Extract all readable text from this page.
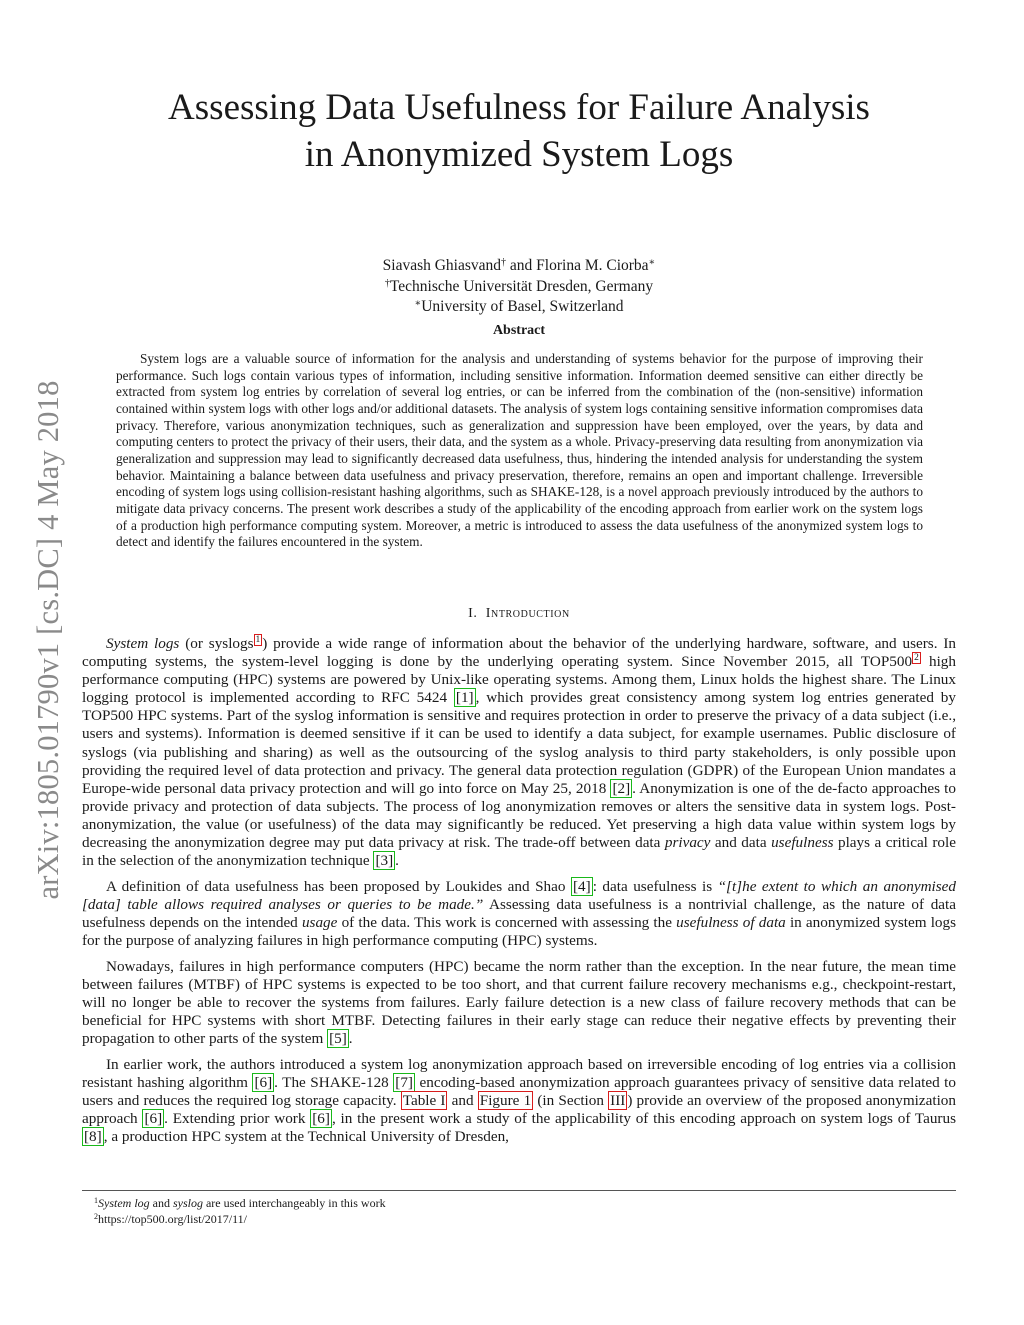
arXiv:1805.01790v1 [cs.DC] 4 May 2018
Assessing Data Usefulness for Failure Analysis
in Anonymized System Logs
Siavash Ghiasvand† and Florina M. Ciorba∗
†Technische Universität Dresden, Germany
∗University of Basel, Switzerland
Abstract

System logs are a valuable source of information for the analysis and understanding of systems behavior for the purpose of improving their performance. Such logs contain various types of information, including sensitive information. Information deemed sensitive can either directly be extracted from system log entries by correlation of several log entries, or can be inferred from the combination of the (non-sensitive) information contained within system logs with other logs and/or additional datasets. The analysis of system logs containing sensitive information compromises data privacy. Therefore, various anonymization techniques, such as generalization and suppression have been employed, over the years, by data and computing centers to protect the privacy of their users, their data, and the system as a whole. Privacy-preserving data resulting from anonymization via generalization and suppression may lead to significantly decreased data usefulness, thus, hindering the intended analysis for understanding the system behavior. Maintaining a balance between data usefulness and privacy preservation, therefore, remains an open and important challenge. Irreversible encoding of system logs using collision-resistant hashing algorithms, such as SHAKE-128, is a novel approach previously introduced by the authors to mitigate data privacy concerns. The present work describes a study of the applicability of the encoding approach from earlier work on the system logs of a production high performance computing system. Moreover, a metric is introduced to assess the data usefulness of the anonymized system logs to detect and identify the failures encountered in the system.

I. Introduction

System logs (or syslogs $^1$ ) provide a wide range of information about the behavior of the underlying hardware, software, and users. In computing systems, the system-level logging is done by the underlying operating system. Since November 2015, all TOP500 $^2$ high performance computing (HPC) systems are powered by Unix-like operating systems. Among them, Linux holds the highest share. The Linux logging protocol is implemented according to RFC 5424 [1] , which provides great consistency among system log entries generated by TOP500 HPC systems. Part of the syslog information is sensitive and requires protection in order to preserve the privacy of a data subject (i.e., users and systems). Information is deemed sensitive if it can be used to identify a data subject, for example usernames. Public disclosure of syslogs (via publishing and sharing) as well as the outsourcing of the syslog analysis to third party stakeholders, is only possible upon providing the required level of data protection and privacy. The general data protection regulation (GDPR) of the European Union mandates a Europe-wide personal data privacy protection and will go into force on May 25, 2018 [2] . Anonymization is one of the de-facto approaches to provide privacy and protection of data subjects. The process of log anonymization removes or alters the sensitive data in system logs. Post-anonymization, the value (or usefulness) of the data may significantly be reduced. Yet preserving a high data value within system logs by decreasing the anonymization degree may put data privacy at risk. The trade-off between data privacy and data usefulness plays a critical role in the selection of the anonymization technique [3] .

A definition of data usefulness has been proposed by Loukides and Shao [4] : data usefulness is “[t]he extent to which an anonymised [data] table allows required analyses or queries to be made.” Assessing data usefulness is a nontrivial challenge, as the nature of data usefulness depends on the intended usage of the data. This work is concerned with assessing the usefulness of data in anonymized system logs for the purpose of analyzing failures in high performance computing (HPC) systems.

Nowadays, failures in high performance computers (HPC) became the norm rather than the exception. In the near future, the mean time between failures (MTBF) of HPC systems is expected to be too short, and that current failure recovery mechanisms e.g., checkpoint-restart, will no longer be able to recover the systems from failures. Early failure detection is a new class of failure recovery methods that can be beneficial for HPC systems with short MTBF. Detecting failures in their early stage can reduce their negative effects by preventing their propagation to other parts of the system [5] .

In earlier work, the authors introduced a system log anonymization approach based on irreversible encoding of log entries via a collision resistant hashing algorithm [6] . The SHAKE-128 [7] encoding-based anonymization approach guarantees privacy of sensitive data related to users and reduces the required log storage capacity. Table I and Figure 1 (in Section III ) provide an overview of the proposed anonymization approach [6] . Extending prior work [6] , in the present work a study of the applicability of this encoding approach on system logs of Taurus [8] , a production HPC system at the Technical University of Dresden,

$^1$System log and syslog are used interchangeably in this work
$^2$https://top500.org/list/2017/11/
